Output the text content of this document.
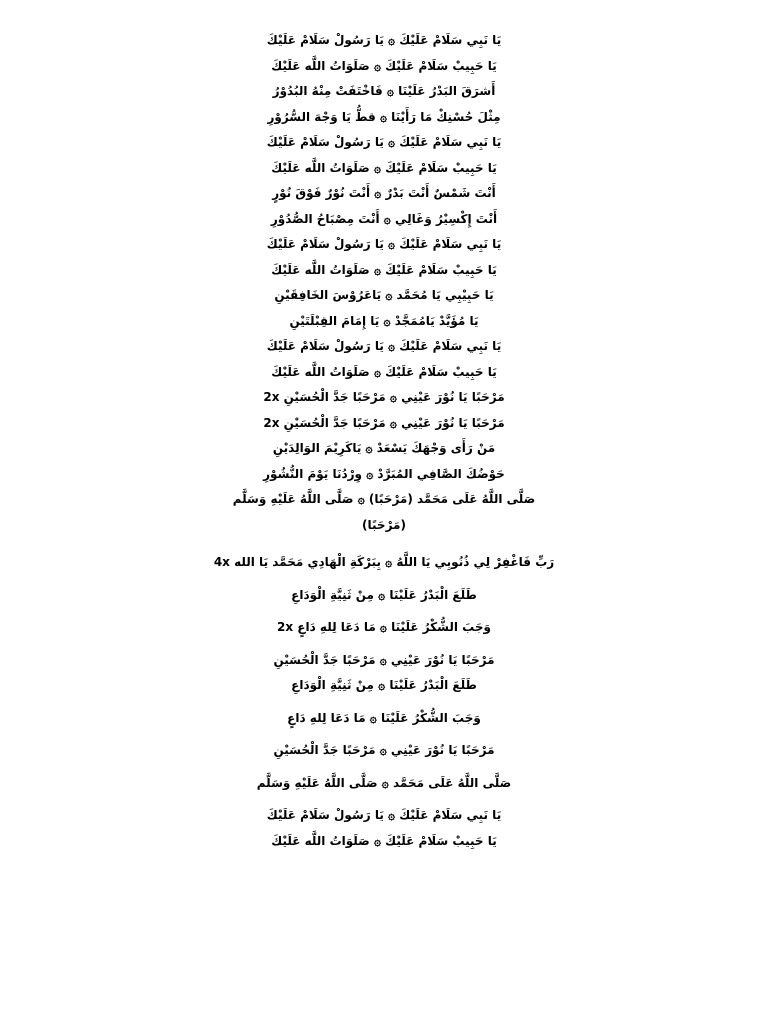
يَا نَبِي سَلَامْ عَلَيْكَ ۞ يَا رَسُولْ سَلَامْ عَلَيْكَ
يَا حَبِيبْ سَلَامْ عَلَيْكَ ۞ صَلَوَاتُ اللَّه عَلَيْكَ
أَشرَقَ البَدْرُ عَلَيْنَا ۞ فَاخْتَفَتْ مِنْهُ البُدُوْرُ
مِثْلَ حُسْنِكْ مَا رَأَيْنَا ۞ قطُّ يَا وَجْهَ السُّرُوْرِ
يَا نَبِي سَلَامْ عَلَيْكَ ۞ يَا رَسُولْ سَلَامْ عَلَيْكَ
يَا حَبِيبْ سَلَامْ عَلَيْكَ ۞ صَلَوَاتُ اللَّه عَلَيْكَ
أَنْتَ شَمْسٌ أَنْتَ بَدْرٌ ۞ أَنْتَ نُوْرٌ فَوْقَ نُوْرٍ
أَنْتَ إِكْسِيْرُ وَغَالِي ۞ أَنْتَ مِصْبَاحُ الصُّدُوْرِ
يَا نَبِي سَلَامْ عَلَيْكَ ۞ يَا رَسُولْ سَلَامْ عَلَيْكَ
يَا حَبِيبْ سَلَامْ عَلَيْكَ ۞ صَلَوَاتُ اللَّه عَلَيْكَ
يَا حَبِيْبِي يَا مُحَمَّد ۞ يَاعَرُوْسَ الخَافِقَيْنِ
يَا مُؤَيَّدْ يَامُمَجَّدْ ۞ يَا إِمَامَ القِبْلَتَيْنِ
يَا نَبِي سَلَامْ عَلَيْكَ ۞ يَا رَسُولْ سَلَامْ عَلَيْكَ
يَا حَبِيبْ سَلَامْ عَلَيْكَ ۞ صَلَوَاتُ اللَّه عَلَيْكَ
مَرْحَبًا يَا نُوْرَ عَيْنِي ۞ مَرْحَبًا جَدَّ الْحُسَيْنِ 2x
مَرْحَبًا يَا نُوْرَ عَيْنِي ۞ مَرْحَبًا جَدَّ الْحُسَيْنِ 2x
مَنْ رَأَى وَجْهَكَ يَسْعَدْ ۞ يَاكَرِيْمَ الوَالِدَيْنِ
حَوْضُكَ الصَّافِي المُبَرَّدْ ۞ وِرْدُنَا يَوْمَ النُّشُوْرِ
صَلَّى اللَّهُ عَلَى مَحَمَّد (مَرْحَبًا) ۞ صَلَّى اللَّهُ عَلَيْهِ وَسَلَّم
(مَرْحَبًا)
رَبِّ فَاغْفِرْ لِي ذُنُوبِي يَا اللَّهُ ۞ بِبَرْكَةِ الْهَادِي مَحَمَّد يَا الله 4x
طَلَعَ الْبَدْرُ عَلَيْنَا ۞ مِنْ ثَنِيَّةِ الْوَدَاعِ
وَجَبَ الشُّكْرُ عَلَيْنَا ۞ مَا دَعَا لِلهِ دَاعٍ 2x
مَرْحَبًا يَا نُوْرَ عَيْنِي ۞ مَرْحَبًا جَدَّ الْحُسَيْنِ
طَلَعَ الْبَدْرُ عَلَيْنَا ۞ مِنْ ثَنِيَّةِ الْوَدَاعِ
وَجَبَ الشُّكْرُ عَلَيْنَا ۞ مَا دَعَا لِلهِ دَاعٍ
مَرْحَبًا يَا نُوْرَ عَيْنِي ۞ مَرْحَبًا جَدَّ الْحُسَيْنِ
صَلَّى اللَّهُ عَلَى مَحَمَّد ۞ صَلَّى اللَّهُ عَلَيْهِ وَسَلَّم
يَا نَبِي سَلَامْ عَلَيْكَ ۞ يَا رَسُولْ سَلَامْ عَلَيْكَ
يَا حَبِيبْ سَلَامْ عَلَيْكَ ۞ صَلَوَاتُ اللَّه عَلَيْكَ
